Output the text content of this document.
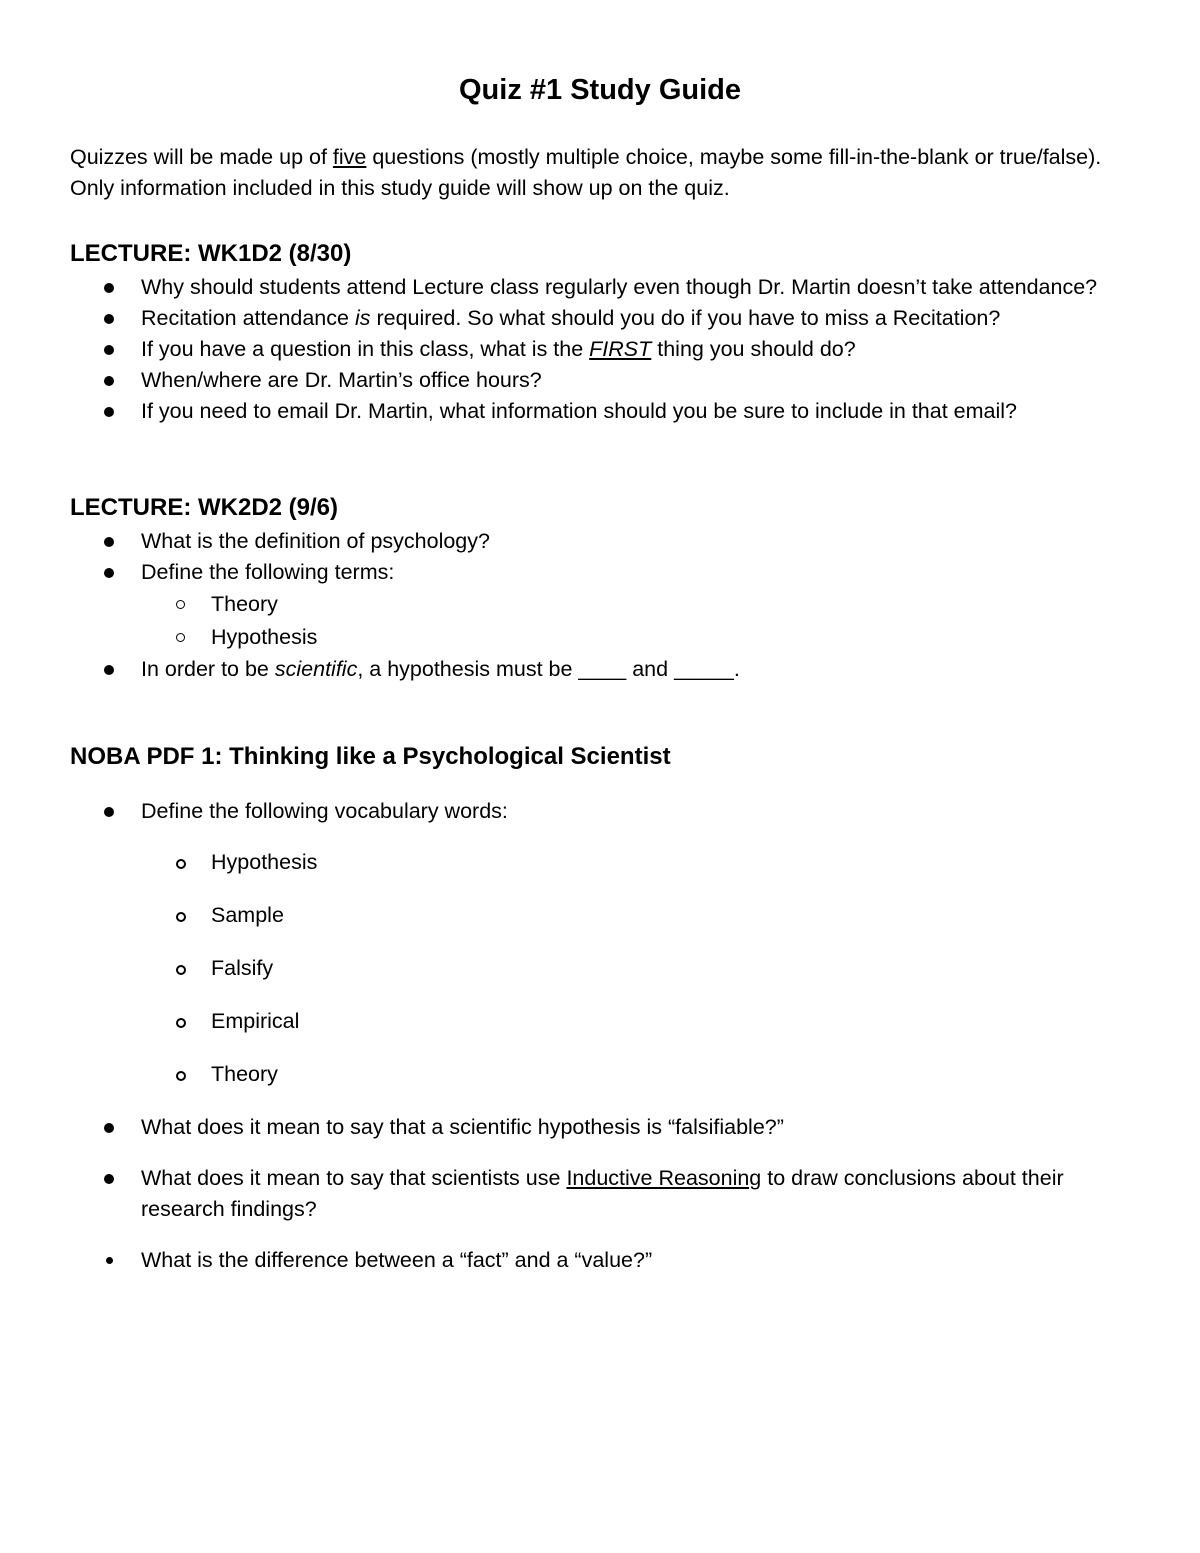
Quiz #1 Study Guide
Quizzes will be made up of five questions (mostly multiple choice, maybe some fill-in-the-blank or true/false). Only information included in this study guide will show up on the quiz.
LECTURE: WK1D2 (8/30)
Why should students attend Lecture class regularly even though Dr. Martin doesn’t take attendance?
Recitation attendance is required. So what should you do if you have to miss a Recitation?
If you have a question in this class, what is the FIRST thing you should do?
When/where are Dr. Martin’s office hours?
If you need to email Dr. Martin, what information should you be sure to include in that email?
LECTURE: WK2D2 (9/6)
What is the definition of psychology?
Define the following terms:
Theory
Hypothesis
In order to be scientific, a hypothesis must be ____ and _____.
NOBA PDF 1: Thinking like a Psychological Scientist
Define the following vocabulary words:
Hypothesis
Sample
Falsify
Empirical
Theory
What does it mean to say that a scientific hypothesis is “falsifiable?”
What does it mean to say that scientists use Inductive Reasoning to draw conclusions about their research findings?
What is the difference between a “fact” and a “value?”
